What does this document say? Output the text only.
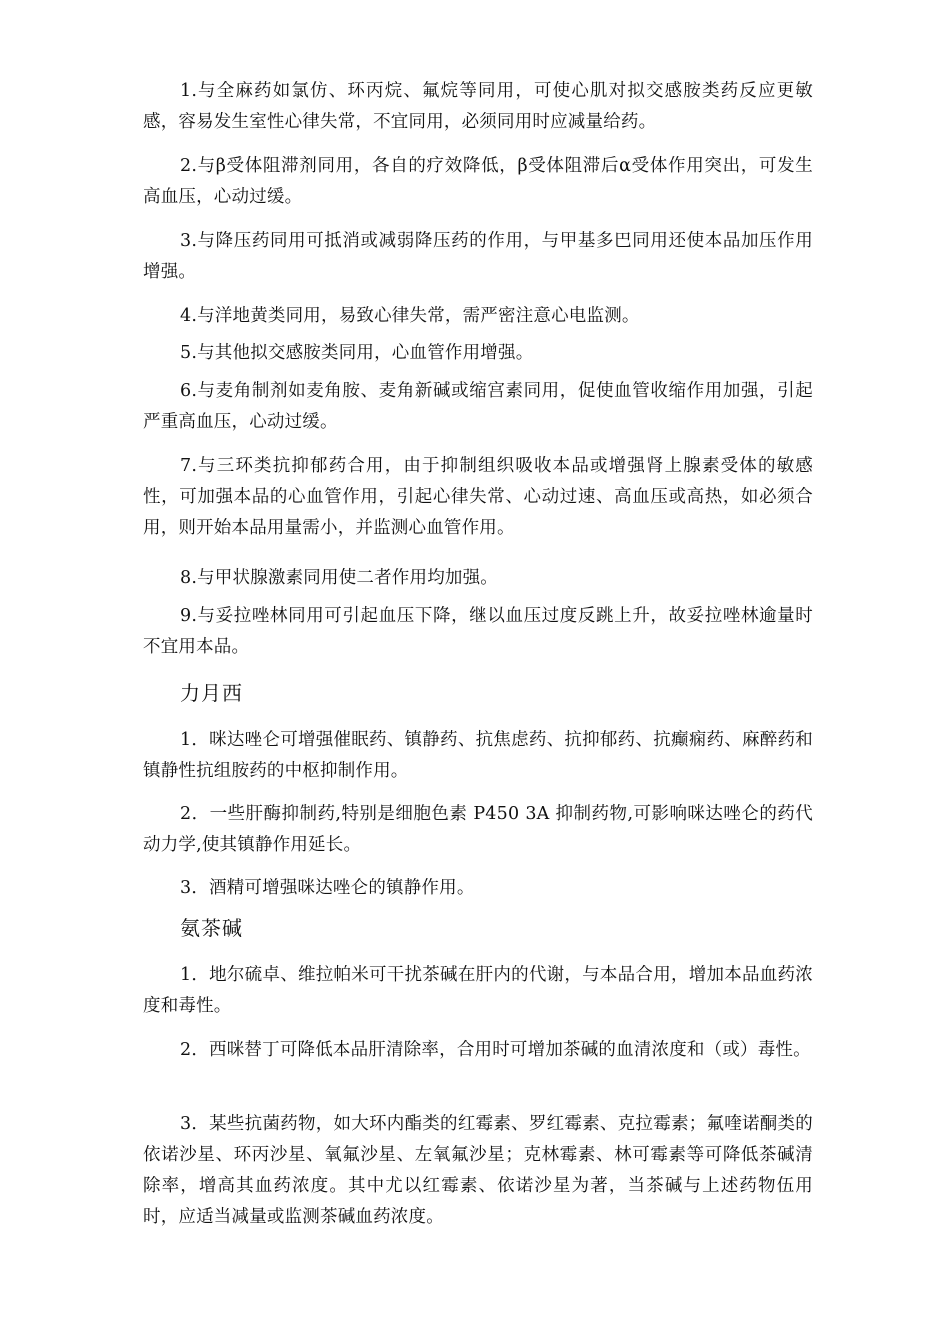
1.与全麻药如氯仿、环丙烷、氟烷等同用，可使心肌对拟交感胺类药反应更敏感，容易发生室性心律失常，不宜同用，必须同用时应减量给药。
2.与β受体阻滞剂同用，各自的疗效降低，β受体阻滞后α受体作用突出，可发生高血压，心动过缓。
3.与降压药同用可抵消或减弱降压药的作用，与甲基多巴同用还使本品加压作用增强。
4.与洋地黄类同用，易致心律失常，需严密注意心电监测。
5.与其他拟交感胺类同用，心血管作用增强。
6.与麦角制剂如麦角胺、麦角新碱或缩宫素同用，促使血管收缩作用加强，引起严重高血压，心动过缓。
7.与三环类抗抑郁药合用，由于抑制组织吸收本品或增强肾上腺素受体的敏感性，可加强本品的心血管作用，引起心律失常、心动过速、高血压或高热，如必须合用，则开始本品用量需小，并监测心血管作用。
8.与甲状腺激素同用使二者作用均加强。
9.与妥拉唑林同用可引起血压下降，继以血压过度反跳上升，故妥拉唑林逾量时不宜用本品。
力月西
1．咪达唑仑可增强催眠药、镇静药、抗焦虑药、抗抑郁药、抗癫痫药、麻醉药和镇静性抗组胺药的中枢抑制作用。
2．一些肝酶抑制药,特别是细胞色素 P450 3A 抑制药物,可影响咪达唑仑的药代动力学,使其镇静作用延长。
3．酒精可增强咪达唑仑的镇静作用。
氨茶碱
1．地尔硫卓、维拉帕米可干扰茶碱在肝内的代谢，与本品合用，增加本品血药浓度和毒性。
2．西咪替丁可降低本品肝清除率，合用时可增加茶碱的血清浓度和（或）毒性。
3．某些抗菌药物，如大环内酯类的红霉素、罗红霉素、克拉霉素；氟喹诺酮类的依诺沙星、环丙沙星、氧氟沙星、左氧氟沙星；克林霉素、林可霉素等可降低茶碱清除率，增高其血药浓度。其中尤以红霉素、依诺沙星为著，当茶碱与上述药物伍用时，应适当减量或监测茶碱血药浓度。
